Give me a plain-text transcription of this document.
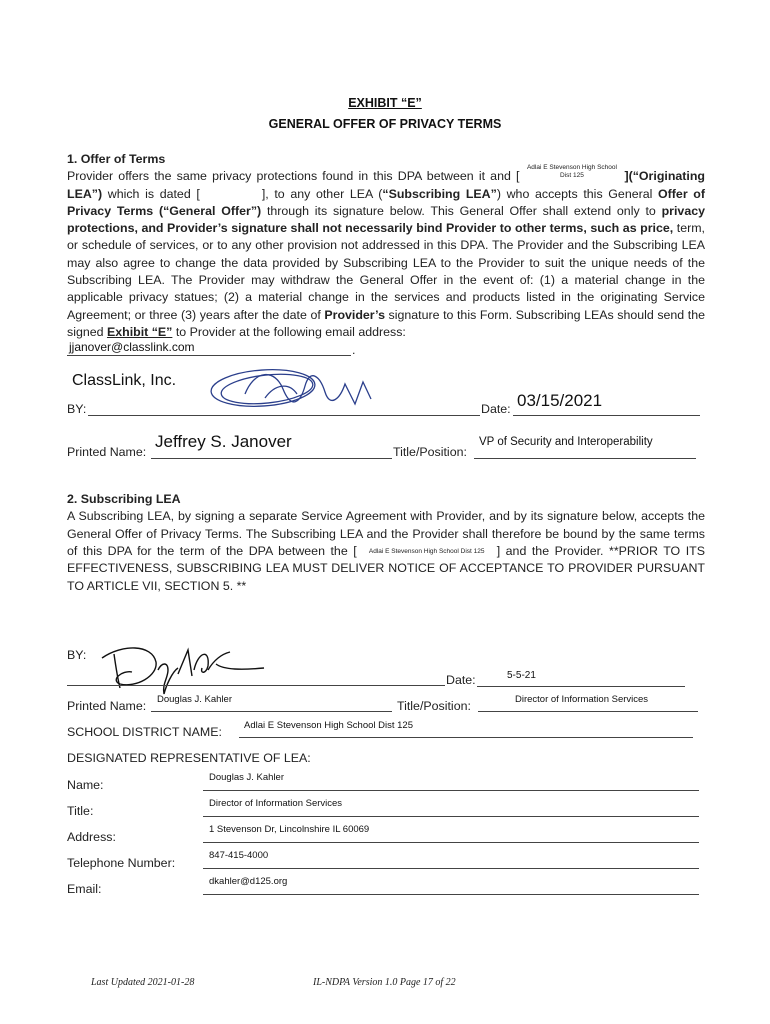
EXHIBIT “E”
GENERAL OFFER OF PRIVACY TERMS
1. Offer of Terms
Provider offers the same privacy protections found in this DPA between it and [
Adlai E Stevenson High School
Dist 125	](“Originating LEA”) which is dated [	], to any other LEA (“Subscribing LEA”) who accepts this General Offer of Privacy Terms (“General Offer”) through its signature below. This General Offer shall extend only to privacy protections, and Provider’s signature shall not necessarily bind Provider to other terms, such as price, term, or schedule of services, or to any other provision not addressed in this DPA. The Provider and the Subscribing LEA may also agree to change the data provided by Subscribing LEA to the Provider to suit the unique needs of the Subscribing LEA. The Provider may withdraw the General Offer in the event of: (1) a material change in the applicable privacy statues; (2) a material change in the services and products listed in the originating Service Agreement; or three (3) years after the date of Provider’s signature to this Form. Subscribing LEAs should send the signed Exhibit “E” to Provider at the following email address:
jjanover@classlink.com	.
ClassLink, Inc.
BY:	Date: 03/15/2021
Printed Name:
Jeffrey S. Janover
Title/Position:
VP of Security and Interoperability
2. Subscribing LEA
A Subscribing LEA, by signing a separate Service Agreement with Provider, and by its signature below, accepts the General Offer of Privacy Terms. The Subscribing LEA and the Provider shall therefore be bound by the same terms of this DPA for the term of the DPA between the [ Adlai E Stevenson High School Dist 125 ] and the Provider. **PRIOR TO ITS EFFECTIVENESS, SUBSCRIBING LEA MUST DELIVER NOTICE OF ACCEPTANCE TO PROVIDER PURSUANT TO ARTICLE VII, SECTION 5. **
BY:
Date:	5-5-21
Printed Name: Douglas J. Kahler	Title/Position:	Director of Information Services
SCHOOL DISTRICT NAME: Adlai E Stevenson High School Dist 125
DESIGNATED REPRESENTATIVE OF LEA:
Name:
Douglas J. Kahler
Title:
Director of Information Services
Address:
1 Stevenson Dr, Lincolnshire IL 60069
Telephone Number:
847-415-4000
Email:
dkahler@d125.org
Last Updated 2021-01-28	IL-NDPA Version 1.0 Page 17 of 22
